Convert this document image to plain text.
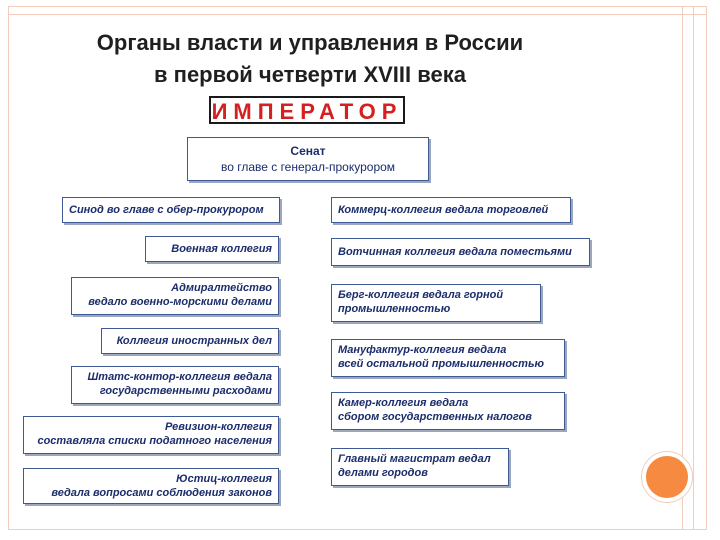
Органы власти и управления в России
в первой четверти XVIII века
ИМПЕРАТОР
Сенат
во главе с генерал-прокурором
Синод во главе с обер-прокурором
Военная коллегия
Адмиралтейство
ведало военно-морскими делами
Коллегия иностранных дел
Штатс-контор-коллегия ведала
государственными расходами
Ревизион-коллегия
составляла списки податного населения
Юстиц-коллегия
ведала вопросами соблюдения законов
Коммерц-коллегия ведала торговлей
Вотчинная коллегия ведала поместьями
Берг-коллегия ведала горной
промышленностью
Мануфактур-коллегия ведала
всей остальной промышленностью
Камер-коллегия ведала
сбором государственных налогов
Главный магистрат ведал
делами городов
